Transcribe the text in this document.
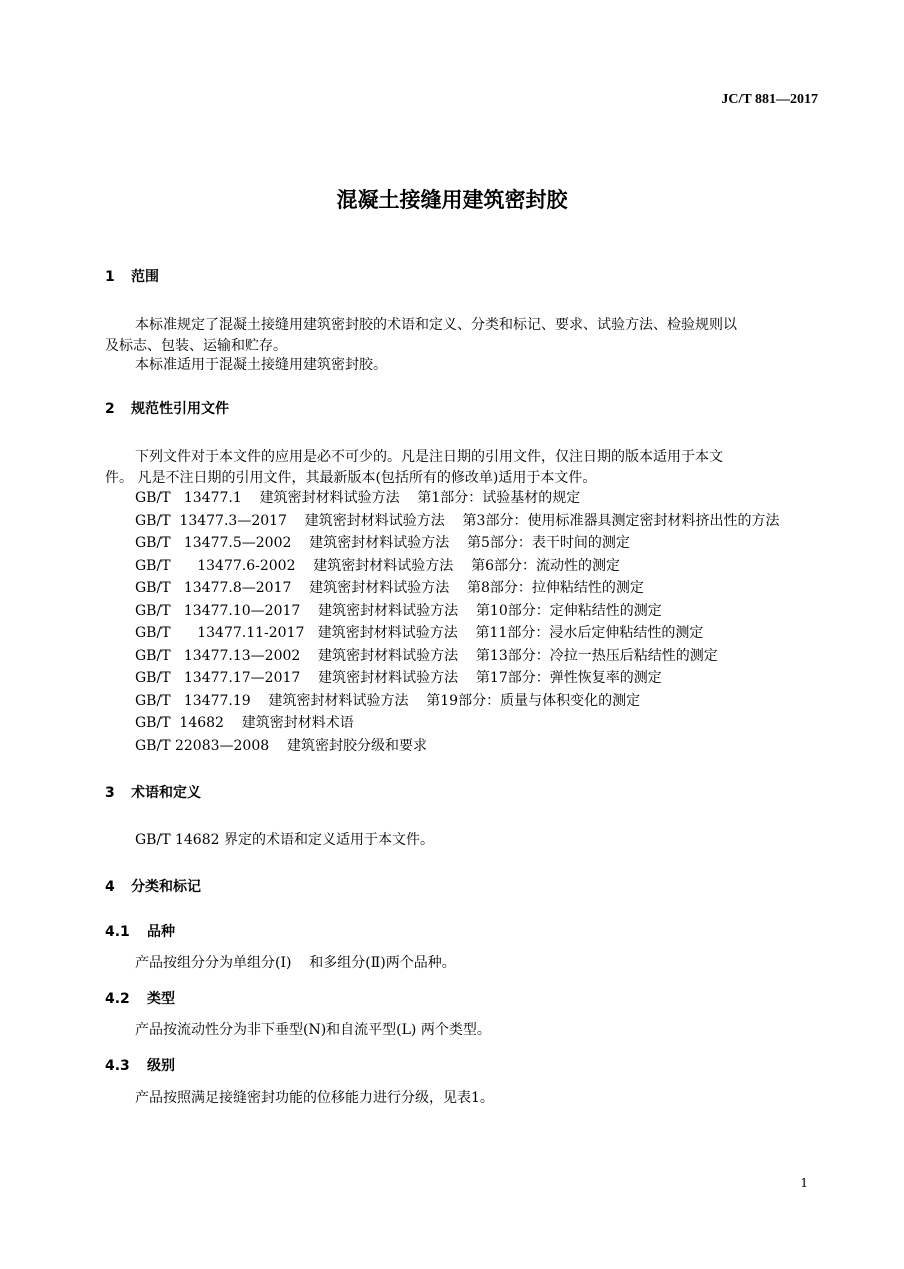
JC/T 881—2017
混凝土接缝用建筑密封胶
1 范围
本标准规定了混凝土接缝用建筑密封胶的术语和定义、分类和标记、要求、试验方法、检验规则以
及标志、包装、运输和贮存。
本标准适用于混凝土接缝用建筑密封胶。
2 规范性引用文件
下列文件对于本文件的应用是必不可少的。凡是注日期的引用文件，仅注日期的版本适用于本文
件。 凡是不注日期的引用文件，其最新版本(包括所有的修改单)适用于本文件。
GB/T   13477.1    建筑密封材料试验方法    第1部分：试验基材的规定
GB/T  13477.3—2017    建筑密封材料试验方法    第3部分：使用标准器具测定密封材料挤出性的方法
GB/T   13477.5—2002    建筑密封材料试验方法    第5部分：表干时间的测定
GB/T      13477.6-2002    建筑密封材料试验方法    第6部分：流动性的测定
GB/T   13477.8—2017    建筑密封材料试验方法    第8部分：拉伸粘结性的测定
GB/T   13477.10—2017    建筑密封材料试验方法    第10部分：定伸粘结性的测定
GB/T      13477.11-2017   建筑密封材料试验方法    第11部分：浸水后定伸粘结性的测定
GB/T   13477.13—2002    建筑密封材料试验方法    第13部分：冷拉一热压后粘结性的测定
GB/T   13477.17—2017    建筑密封材料试验方法    第17部分：弹性恢复率的测定
GB/T   13477.19    建筑密封材料试验方法    第19部分：质量与体积变化的测定
GB/T  14682    建筑密封材料术语
GB/T 22083—2008    建筑密封胶分级和要求
3 术语和定义
GB/T 14682 界定的术语和定义适用于本文件。
4 分类和标记
4.1 品种
产品按组分分为单组分(I)    和多组分(Ⅱ)两个品种。
4.2 类型
产品按流动性分为非下垂型(N)和自流平型(L) 两个类型。
4.3 级别
产品按照满足接缝密封功能的位移能力进行分级，见表1。
1
